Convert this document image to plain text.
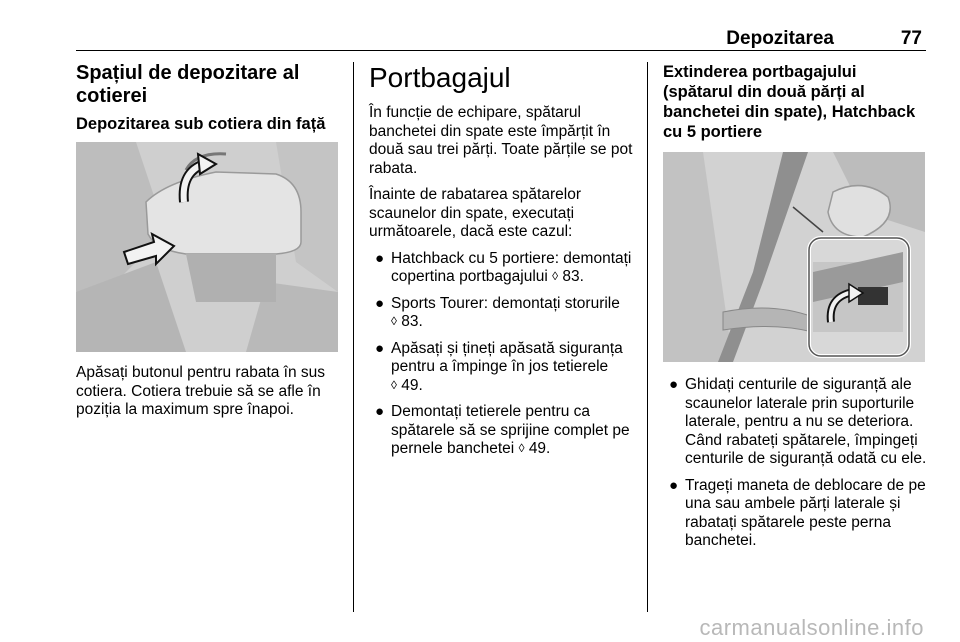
Depozitarea	77
Spațiul de depozitare al cotierei
Depozitarea sub cotiera din față

Apăsați butonul pentru rabata în sus cotiera. Cotiera trebuie să se afle în poziția la maximum spre înapoi.

Portbagajul

În funcție de echipare, spătarul banchetei din spate este împărțit în două sau trei părți. Toate părțile se pot rabata.

Înainte de rabatarea spătarelor scaunelor din spate, executați următoarele, dacă este cazul:

● Hatchback cu 5 portiere: demontați copertina portbagajului ◊ 83.
● Sports Tourer: demontați storurile ◊ 83.
● Apăsați și țineți apăsată siguranța pentru a împinge în jos tetierele ◊ 49.
● Demontați tetierele pentru ca spătarele să se sprijine complet pe pernele banchetei ◊ 49.
Extinderea portbagajului (spătarul din două părți al banchetei din spate), Hatchback cu 5 portiere
● Ghidați centurile de siguranță ale scaunelor laterale prin suporturile laterale, pentru a nu se deteriora. Când rabateți spătarele, împingeți centurile de siguranță odată cu ele.
● Trageți maneta de deblocare de pe una sau ambele părți laterale și rabatați spătarele peste perna banchetei.
carmanualsonline.info
